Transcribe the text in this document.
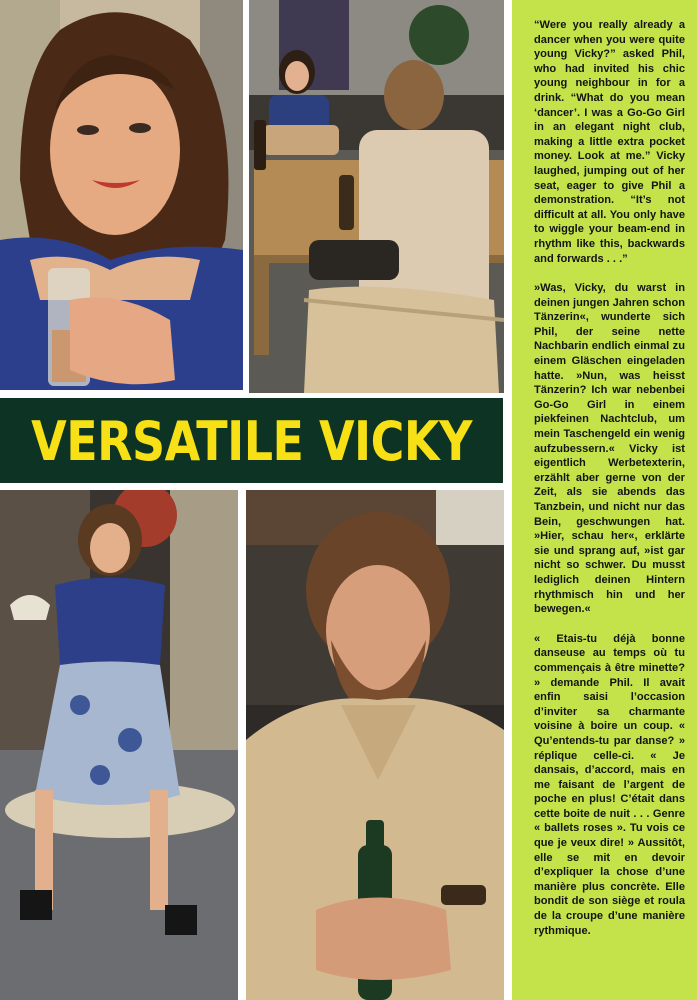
VERSATILE VICKY

“Were you really already a dancer when you were quite young Vicky?” asked Phil, who had invited his chic young neighbour in for a drink. “What do you mean ‘dancer’. I was a Go-Go Girl in an elegant night club, making a little extra pocket money. Look at me.” Vicky laughed, jumping out of her seat, eager to give Phil a demonstration. “It’s not difficult at all. You only have to wiggle your beam-end in rhythm like this, backwards and forwards . . .”

»Was, Vicky, du warst in deinen jungen Jahren schon Tänzerin«, wunderte sich Phil, der seine nette Nachbarin endlich einmal zu einem Gläschen eingeladen hatte. »Nun, was heisst Tänzerin? Ich war nebenbei Go-Go Girl in einem piekfeinen Nachtclub, um mein Taschengeld ein wenig aufzubessern.« Vicky ist eigentlich Werbetexterin, erzählt aber gerne von der Zeit, als sie abends das Tanzbein, und nicht nur das Bein, geschwungen hat. »Hier, schau her«, erklärte sie und sprang auf, »ist gar nicht so schwer. Du musst lediglich deinen Hintern rhythmisch hin und her bewegen.«

« Etais-tu déjà bonne danseuse au temps où tu commençais à être minette? » demande Phil. Il avait enfin saisi l’occasion d’inviter sa charmante voisine à boire un coup. « Qu’entends-tu par danse? » réplique celle-ci. « Je dansais, d’accord, mais en me faisant de l’argent de poche en plus! C’était dans cette boite de nuit . . . Genre « ballets roses ». Tu vois ce que je veux dire! » Aussitôt, elle se mit en devoir d’expliquer la chose d’une manière plus concrète. Elle bondit de son siège et roula de la croupe d’une manière rythmique.
